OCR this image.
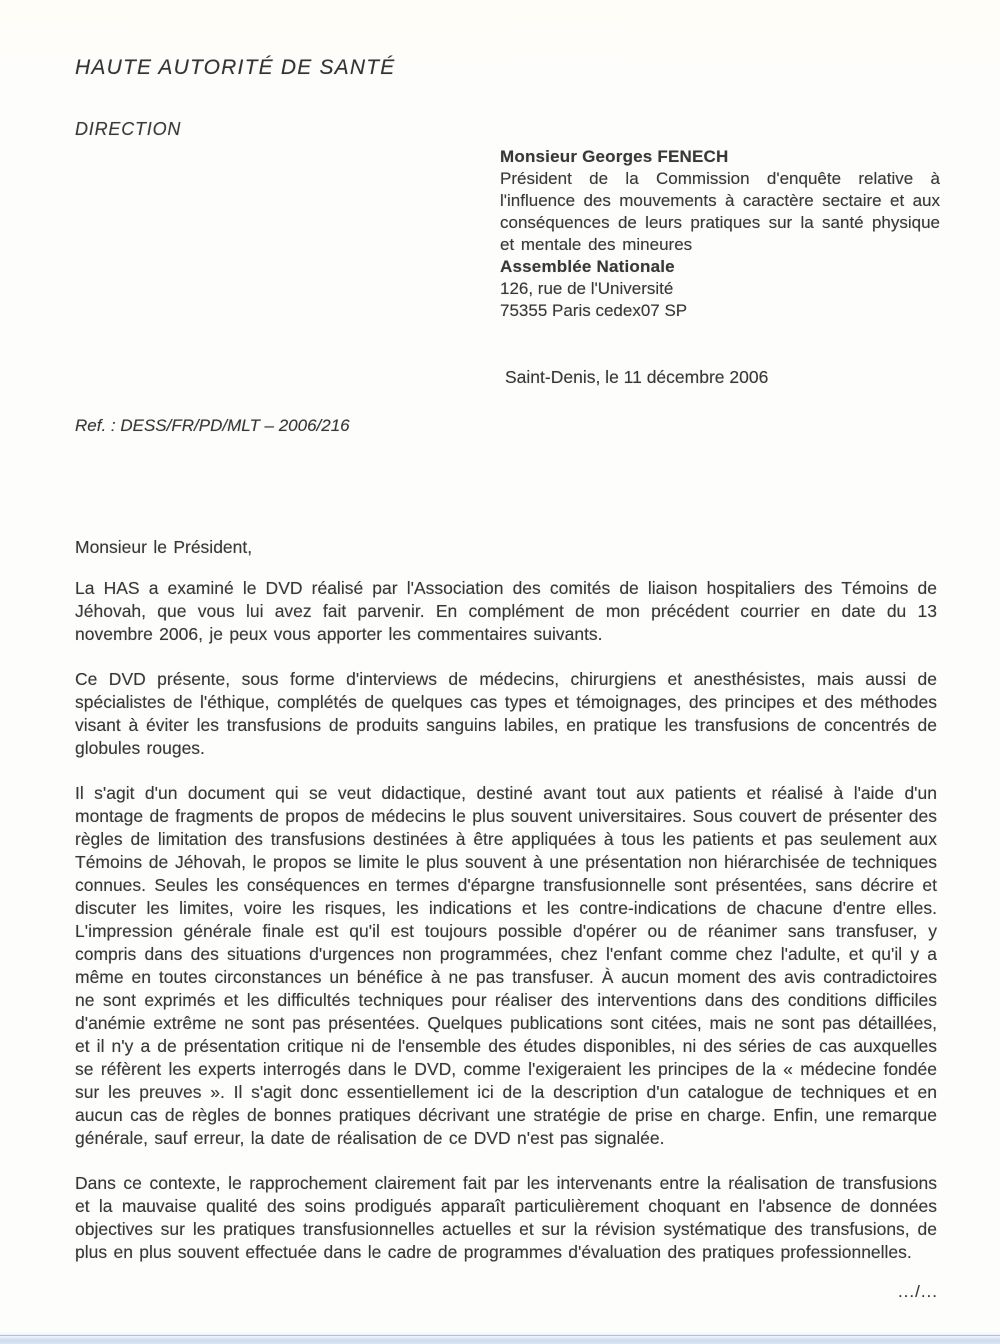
HAUTE AUTORITÉ DE SANTÉ
DIRECTION
Monsieur Georges FENECH
Président de la Commission d'enquête relative à l'influence des mouvements à caractère sectaire et aux conséquences de leurs pratiques sur la santé physique et mentale des mineures
Assemblée Nationale
126, rue de l'Université
75355 Paris cedex07 SP
Saint-Denis, le 11 décembre 2006
Ref. : DESS/FR/PD/MLT – 2006/216

Monsieur le Président,

La HAS a examiné le DVD réalisé par l'Association des comités de liaison hospitaliers des Témoins de Jéhovah, que vous lui avez fait parvenir. En complément de mon précédent courrier en date du 13 novembre 2006, je peux vous apporter les commentaires suivants.

Ce DVD présente, sous forme d'interviews de médecins, chirurgiens et anesthésistes, mais aussi de spécialistes de l'éthique, complétés de quelques cas types et témoignages, des principes et des méthodes visant à éviter les transfusions de produits sanguins labiles, en pratique les transfusions de concentrés de globules rouges.

Il s'agit d'un document qui se veut didactique, destiné avant tout aux patients et réalisé à l'aide d'un montage de fragments de propos de médecins le plus souvent universitaires. Sous couvert de présenter des règles de limitation des transfusions destinées à être appliquées à tous les patients et pas seulement aux Témoins de Jéhovah, le propos se limite le plus souvent à une présentation non hiérarchisée de techniques connues. Seules les conséquences en termes d'épargne transfusionnelle sont présentées, sans décrire et discuter les limites, voire les risques, les indications et les contre-indications de chacune d'entre elles. L'impression générale finale est qu'il est toujours possible d'opérer ou de réanimer sans transfuser, y compris dans des situations d'urgences non programmées, chez l'enfant comme chez l'adulte, et qu'il y a même en toutes circonstances un bénéfice à ne pas transfuser. À aucun moment des avis contradictoires ne sont exprimés et les difficultés techniques pour réaliser des interventions dans des conditions difficiles d'anémie extrême ne sont pas présentées. Quelques publications sont citées, mais ne sont pas détaillées, et il n'y a de présentation critique ni de l'ensemble des études disponibles, ni des séries de cas auxquelles se réfèrent les experts interrogés dans le DVD, comme l'exigeraient les principes de la « médecine fondée sur les preuves ». Il s'agit donc essentiellement ici de la description d'un catalogue de techniques et en aucun cas de règles de bonnes pratiques décrivant une stratégie de prise en charge. Enfin, une remarque générale, sauf erreur, la date de réalisation de ce DVD n'est pas signalée.

Dans ce contexte, le rapprochement clairement fait par les intervenants entre la réalisation de transfusions et la mauvaise qualité des soins prodigués apparaît particulièrement choquant en l'absence de données objectives sur les pratiques transfusionnelles actuelles et sur la révision systématique des transfusions, de plus en plus souvent effectuée dans le cadre de programmes d'évaluation des pratiques professionnelles.

.../...
